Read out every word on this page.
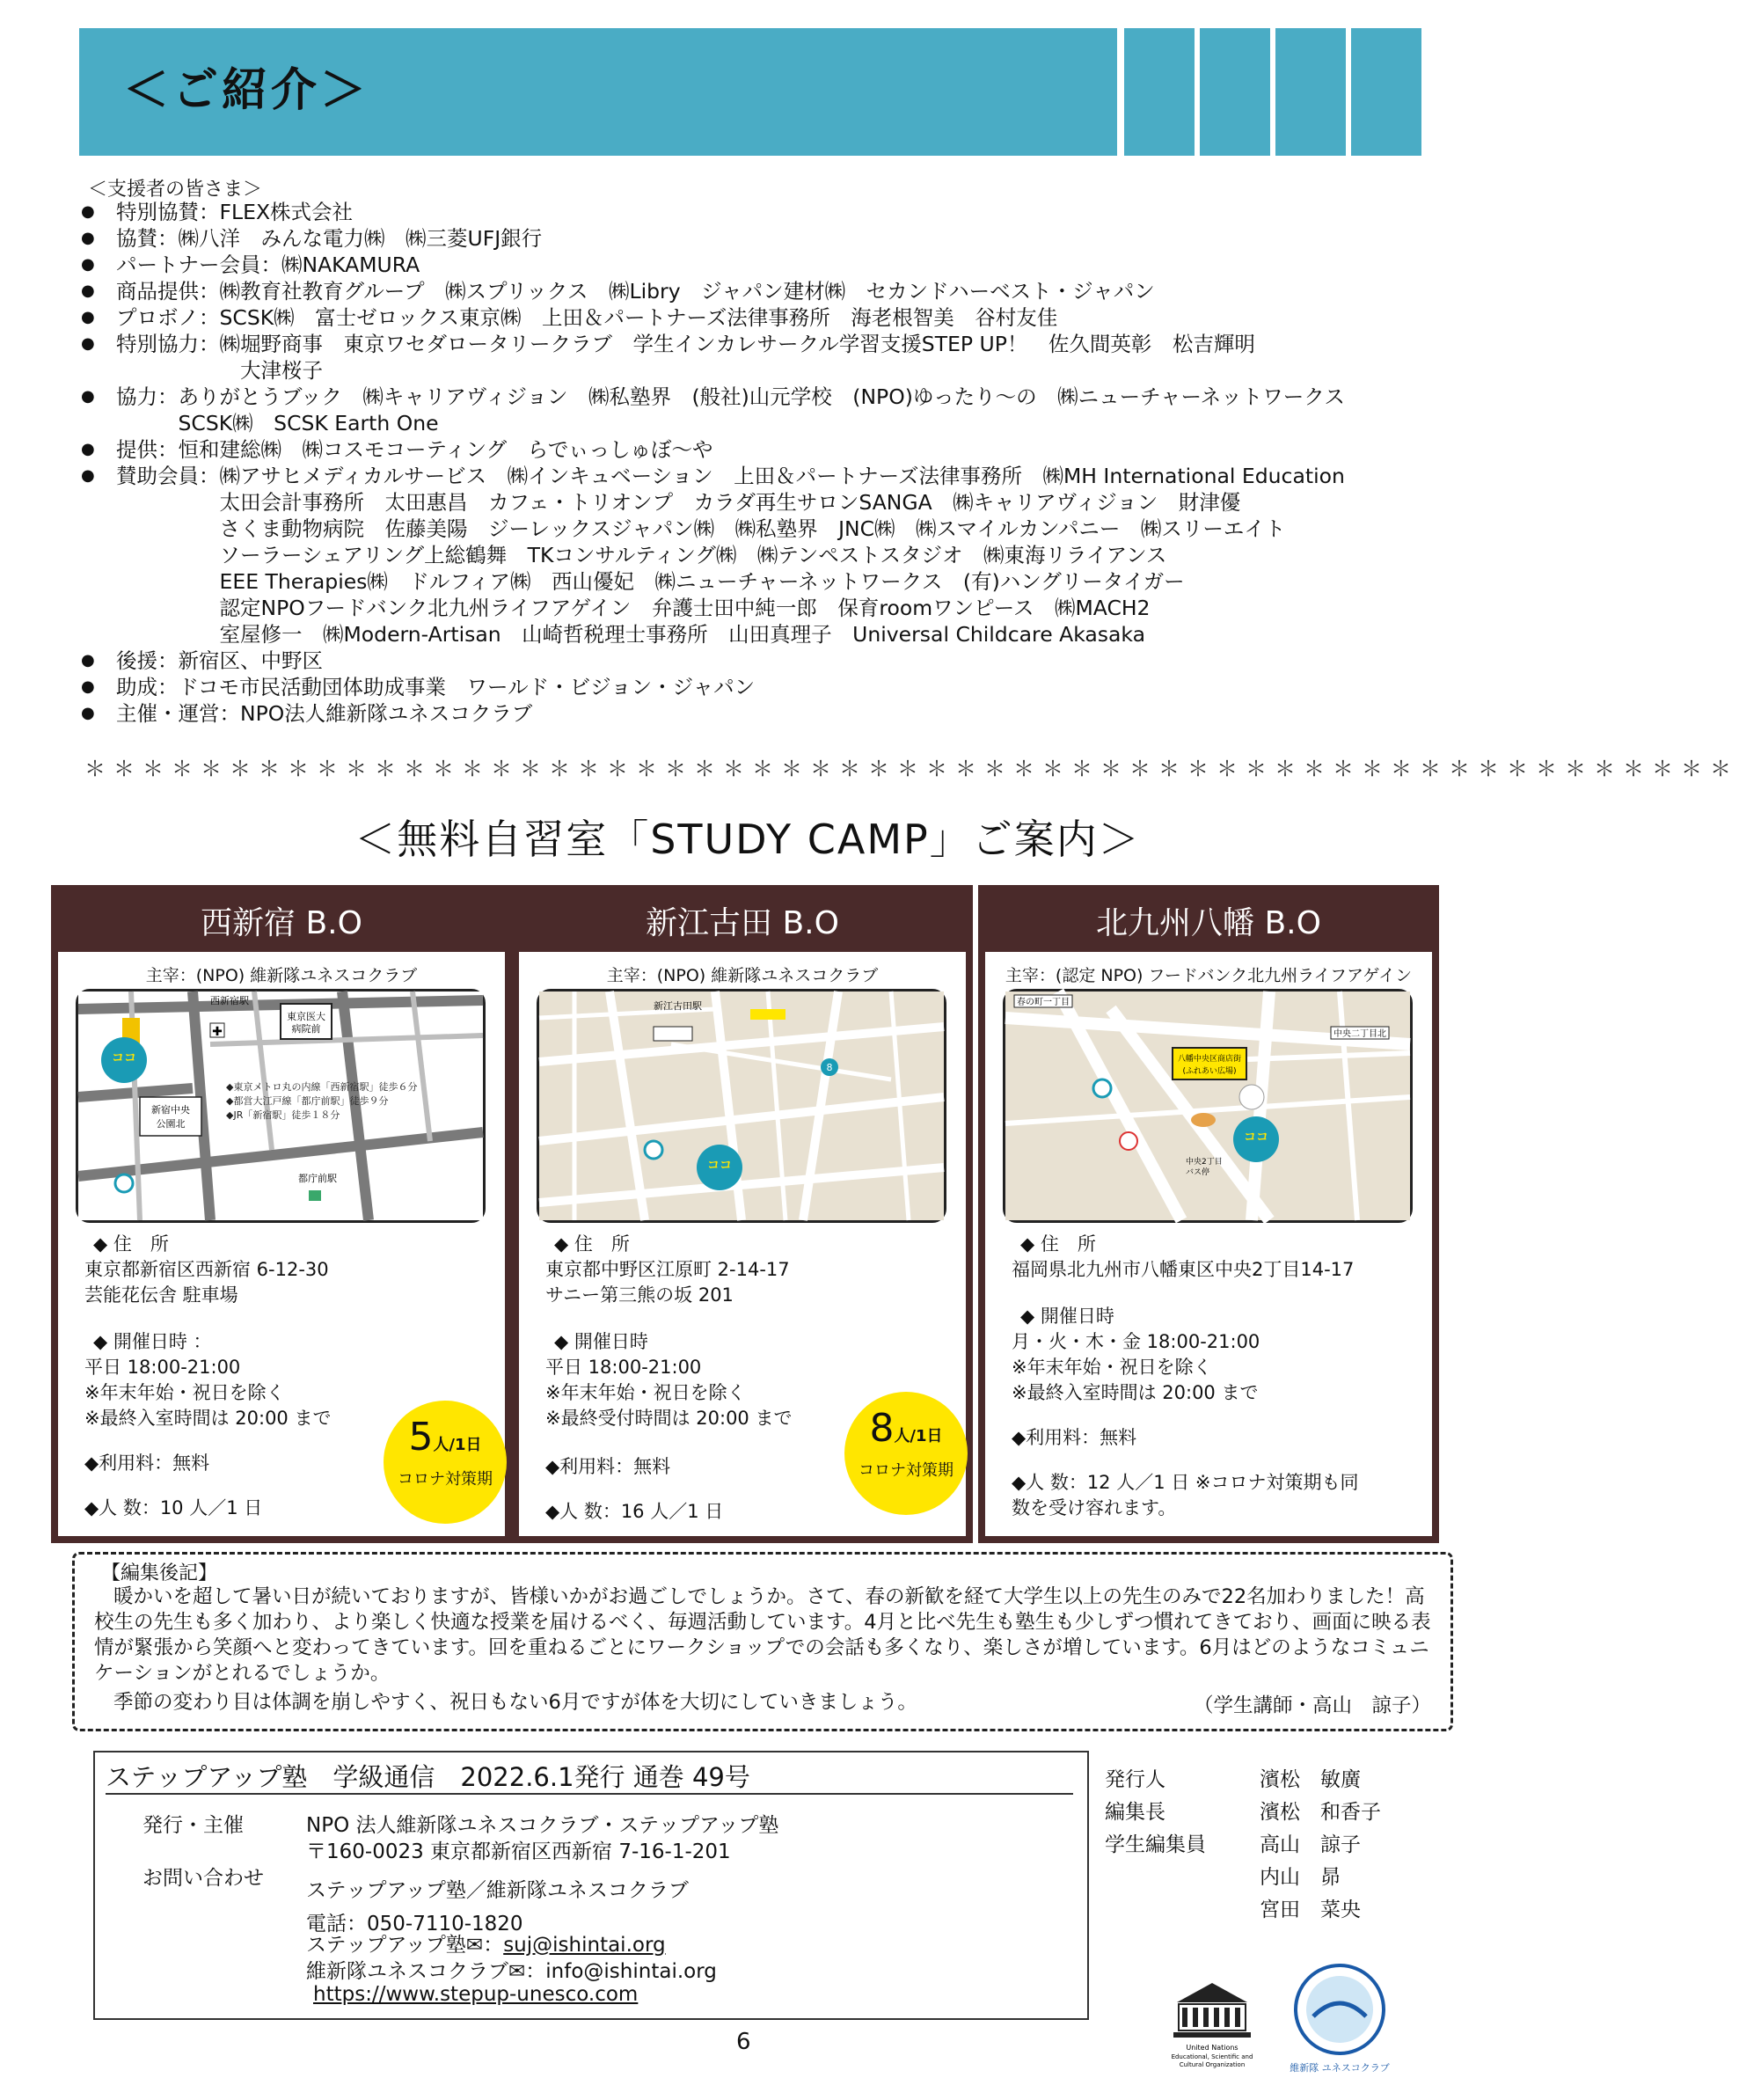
＜ご紹介＞
＜支援者の皆さま＞
●	特別協賛：FLEX株式会社
●	協賛：㈱八洋　みんな電力㈱　㈱三菱UFJ銀行
●	パートナー会員：㈱NAKAMURA
●	商品提供：㈱教育社教育グループ　㈱スプリックス　㈱Libry　ジャパン建材㈱　セカンドハーベスト・ジャパン
●	プロボノ：SCSK㈱　富士ゼロックス東京㈱　上田＆パートナーズ法律事務所　海老根智美　谷村友佳
●	特別協力：㈱堀野商事　東京ワセダロータリークラブ　学生インカレサークル学習支援STEP UP！　佐久間英彰　松吉輝明
　　　　　　大津桜子
●	協力：ありがとうブック　㈱キャリアヴィジョン　㈱私塾界　(般社)山元学校　(NPO)ゆったり～の　㈱ニューチャーネットワークス
　　　SCSK㈱　SCSK Earth One
●	提供：恒和建総㈱　㈱コスモコーティング　らでぃっしゅぼ～や
●	賛助会員：㈱アサヒメディカルサービス　㈱インキュベーション　上田＆パートナーズ法律事務所　㈱MH International Education
　　　　　太田会計事務所　太田惠昌　カフェ・トリオンプ　カラダ再生サロンSANGA　㈱キャリアヴィジョン　財津優
　　　　　さくま動物病院　佐藤美陽　ジーレックスジャパン㈱　㈱私塾界　JNC㈱　㈱スマイルカンパニー　㈱スリーエイト
　　　　　ソーラーシェアリング上総鶴舞　TKコンサルティング㈱　㈱テンペストスタジオ　㈱東海リライアンス
　　　　　EEE Therapies㈱　ドルフィア㈱　西山優妃　㈱ニューチャーネットワークス　(有)ハングリータイガー
　　　　　認定NPOフードバンク北九州ライフアゲイン　弁護士田中純一郎　保育roomワンピース　㈱MACH2
　　　　　室屋修一　㈱Modern-Artisan　山崎哲税理士事務所　山田真理子　Universal Childcare Akasaka
●	後援：新宿区、中野区
●	助成：ドコモ市民活動団体助成事業　ワールド・ビジョン・ジャパン
●	主催・運営：NPO法人維新隊ユネスコクラブ
＊＊＊＊＊＊＊＊＊＊＊＊＊＊＊＊＊＊＊＊＊＊＊＊＊＊＊＊＊＊＊＊＊＊＊＊＊＊＊＊＊＊＊＊＊＊＊＊＊＊＊＊＊＊＊＊＊
＜無料自習室「STUDY CAMP」ご案内＞
西新宿 B.O
主宰：(NPO) 維新隊ユネスコクラブ
東京医大
病院前
西新宿駅
✚
新宿中央
公園北
ココ
◆東京メトロ丸の内線「西新宿駅」徒歩６分
◆都営大江戸線「都庁前駅」徒歩９分
◆JR「新宿駅」徒歩１８分
都庁前駅
◆ 住　所
東京都新宿区西新宿 6-12-30
芸能花伝舎 駐車場
◆ 開催日時 ：
平日 18:00-21:00
※年末年始・祝日を除く
※最終入室時間は 20:00 まで
◆利用料：無料
◆人 数：10 人／1 日
5人/1日
コロナ対策期
新江古田 B.O
主宰：(NPO) 維新隊ユネスコクラブ
新江古田駅
8
ココ
◆ 住　所
東京都中野区江原町 2-14-17
サニー第三熊の坂 201
◆ 開催日時
平日 18:00-21:00
※年末年始・祝日を除く
※最終受付時間は 20:00 まで
◆利用料：無料
◆人 数：16 人／1 日
8人/1日
コロナ対策期
北九州八幡 B.O
主宰：(認定 NPO) フードバンク北九州ライフアゲイン
春の町一丁目
中央二丁目北
八幡中央区商店街
(ふれあい広場)
ココ
中央2丁目
バス停
◆ 住　所
福岡県北九州市八幡東区中央2丁目14-17
◆ 開催日時
月・火・木・金 18:00-21:00
※年末年始・祝日を除く
※最終入室時間は 20:00 まで
◆利用料：無料
◆人 数：12 人／1 日 ※コロナ対策期も同
数を受け容れます。
【編集後記】
暖かいを超して暑い日が続いておりますが、皆様いかがお過ごしでしょうか。さて、春の新歓を経て大学生以上の先生のみで22名加わりました！高校生の先生も多く加わり、より楽しく快適な授業を届けるべく、毎週活動しています。4月と比べ先生も塾生も少しずつ慣れてきており、画面に映る表情が緊張から笑顔へと変わってきています。回を重ねるごとにワークショップでの会話も多くなり、楽しさが増しています。6月はどのようなコミュニケーションがとれるでしょうか。
季節の変わり目は体調を崩しやすく、祝日もない6月ですが体を大切にしていきましょう。	（学生講師・高山　諒子）
ステップアップ塾　学級通信　2022.6.1発行 通巻 49号
発行・主催	NPO 法人維新隊ユネスコクラブ・ステップアップ塾
〒160-0023 東京都新宿区西新宿 7-16-1-201
お問い合わせ
ステップアップ塾／維新隊ユネスコクラブ
電話：050-7110-1820
ステップアップ塾✉：suj@ishintai.org
維新隊ユネスコクラブ✉：info@ishintai.org
https://www.stepup-unesco.com
発行人	濱松　敏廣
編集長	濱松　和香子
学生編集員	高山　諒子
内山　昴
宮田　菜央
United Nations
Educational, Scientific and
Cultural Organization	維新隊 ユネスコクラブ
6
